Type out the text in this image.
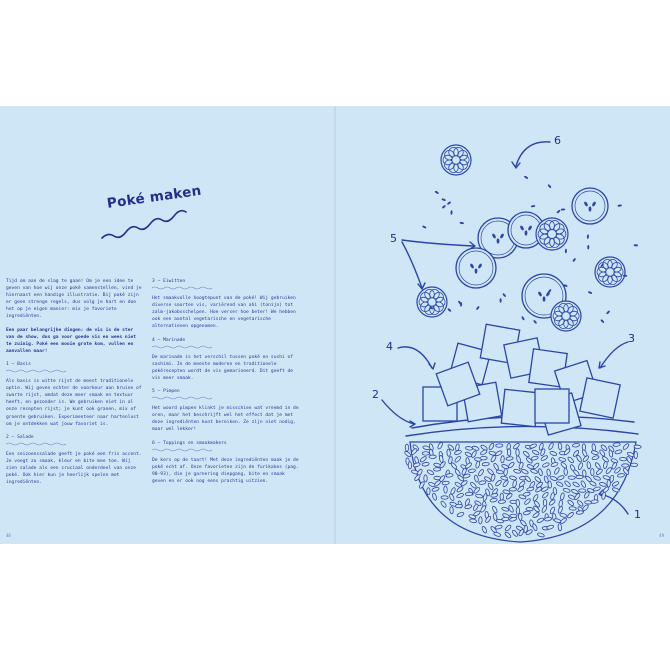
Poké maken

Tijd om aan de slag te gaan! Om je een idee te geven van hoe wij onze poké samenstellen, vind je hiernaast een handige illustratie. Bij poké zijn er geen strenge regels, dus volg je hart en doe het op je eigen manier: mix je favoriete ingrediënten.

Een paar belangrijke dingen: de vis is de ster van de show, dus ga voor goede vis en wees niet te zuinig. Poké een mooie grote kom, vullen en aanvallen maar!

1 – Basis

Als basis is witte rijst de meest traditionele optie. Wij geven echter de voorkeur aan bruine of zwarte rijst, omdat deze meer smaak en textuur heeft, en gezonder is. We gebruiken niet in al onze recepten rijst; je kunt ook granen, mix of groente gebruiken. Experimenteer naar hartenlust om je ontdekken wat jouw favoriet is.

2 – Salade

Een seizoenssalade geeft je poké een fris accent. Je voegt zo smaak, kleur en bite mee toe. Wij zien salade als een cruciaal onderdeel van onze poké. Ook hier kun je heerlijk spelen met ingrediënten.

3 – Eiwitten

Het smaakvolle hoogtepunt van de poké! Wij gebruiken diverse soorten vis, variërend van ahi (tonijn) tot zalm-jakobsschelpen. Hoe verser hoe beter! We hebben ook een aantal vegetarische en vegetarische alternatieven opgenomen.

4 – Marinade

De marinade is het verschil tussen poké en sushi of sashimi. In de meeste moderne en traditionele pokérecepten wordt de vis gemarineerd. Dit geeft de vis meer smaak.

5 – Pimpen

Het woord pimpen klinkt je misschien wat vreemd in de oren, maar het beschrijft wel het effect dat je met deze ingrediënten kunt bereiken. Ze zijn niet nodig, maar wel lekker!

6 – Toppings en smaakmakers

De kers op de taart! Met deze ingrediënten maak je de poké echt af. Onze favorieten zijn de furikakes (pag. 90-93), die je garnering diepgang, bite en smaak geven en er ook nog eens prachtig uitzien.

1
2
3
4
5
6
48	49
